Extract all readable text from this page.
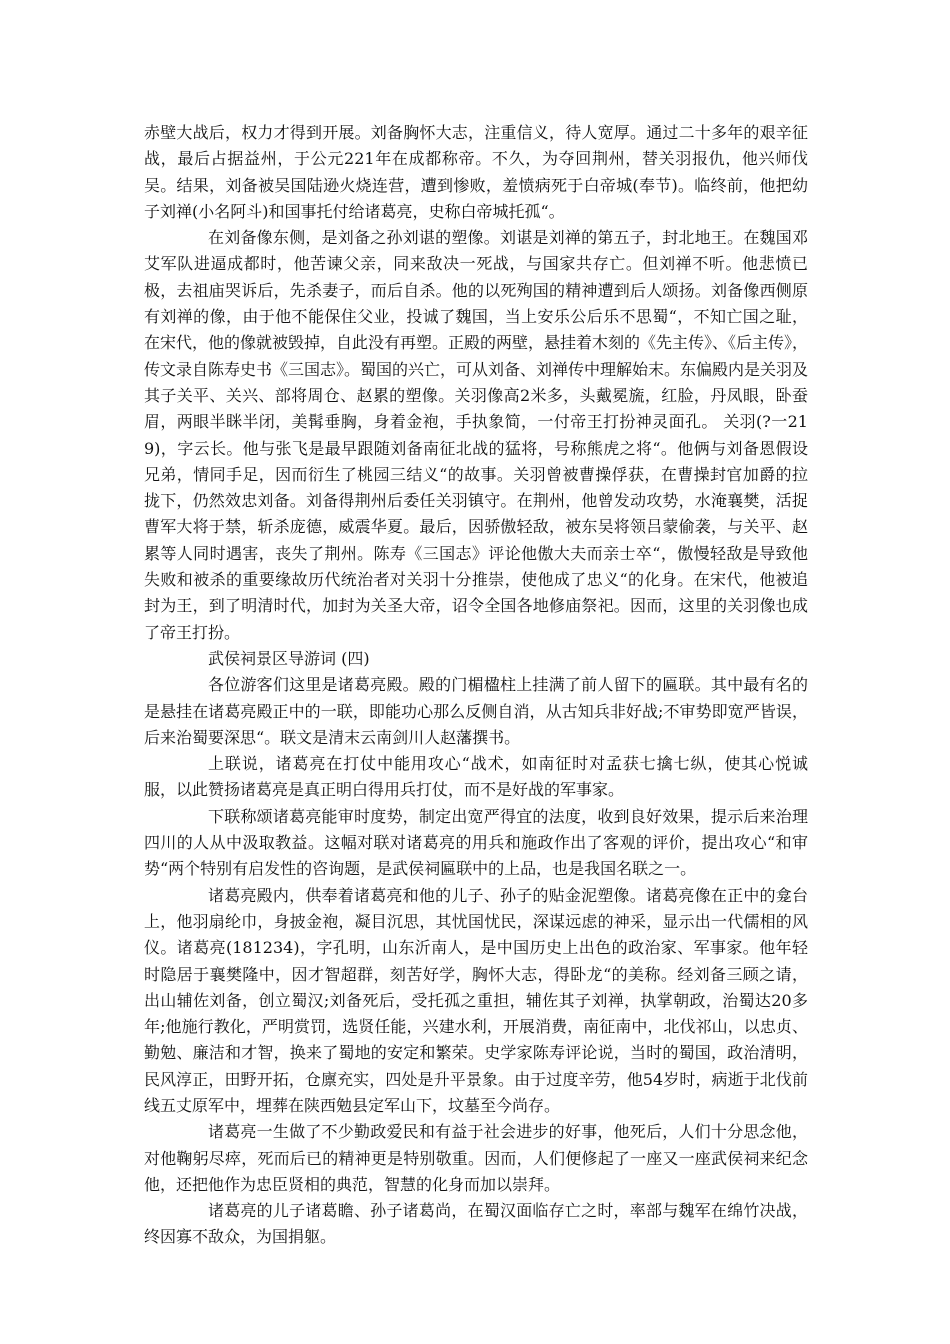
赤壁大战后，权力才得到开展。刘备胸怀大志，注重信义，待人宽厚。通过二十多年的艰辛征战，最后占据益州，于公元221年在成都称帝。不久，为夺回荆州，替关羽报仇，他兴师伐吴。结果，刘备被吴国陆逊火烧连营，遭到惨败，羞愤病死于白帝城(奉节)。临终前，他把幼子刘禅(小名阿斗)和国事托付给诸葛亮，史称白帝城托孤“。

在刘备像东侧，是刘备之孙刘谌的塑像。刘谌是刘禅的第五子，封北地王。在魏国邓艾军队进逼成都时，他苦谏父亲，同来敌决一死战，与国家共存亡。但刘禅不听。他悲愤已极，去祖庙哭诉后，先杀妻子，而后自杀。他的以死殉国的精神遭到后人颂扬。刘备像西侧原有刘禅的像，由于他不能保住父业，投诚了魏国，当上安乐公后乐不思蜀“，不知亡国之耻，在宋代，他的像就被毁掉，自此没有再塑。正殿的两壁，悬挂着木刻的《先主传》、《后主传》，传文录自陈寿史书《三国志》。蜀国的兴亡，可从刘备、刘禅传中理解始末。东偏殿内是关羽及其子关平、关兴、部将周仓、赵累的塑像。关羽像高2米多，头戴冕旒，红脸，丹凤眼，卧蚕眉，两眼半眯半闭，美髯垂胸，身着金袍，手执象简，一付帝王打扮神灵面孔。 关羽(?一219)，字云长。他与张飞是最早跟随刘备南征北战的猛将，号称熊虎之将“。他俩与刘备恩假设兄弟，情同手足，因而衍生了桃园三结义“的故事。关羽曾被曹操俘获，在曹操封官加爵的拉拢下，仍然效忠刘备。刘备得荆州后委任关羽镇守。在荆州，他曾发动攻势，水淹襄樊，活捉曹军大将于禁，斩杀庞德，威震华夏。最后，因骄傲轻敌，被东吴将领吕蒙偷袭，与关平、赵累等人同时遇害，丧失了荆州。陈寿《三国志》评论他傲大夫而亲士卒“，傲慢轻敌是导致他失败和被杀的重要缘故历代统治者对关羽十分推崇，使他成了忠义“的化身。在宋代，他被追封为王，到了明清时代，加封为关圣大帝，诏令全国各地修庙祭祀。因而，这里的关羽像也成了帝王打扮。

武侯祠景区导游词 (四)

各位游客们这里是诸葛亮殿。殿的门楣楹柱上挂满了前人留下的匾联。其中最有名的是悬挂在诸葛亮殿正中的一联，即能功心那么反侧自消，从古知兵非好战;不审势即宽严皆误，后来治蜀要深思“。联文是清末云南剑川人赵藩撰书。

上联说，诸葛亮在打仗中能用攻心“战术，如南征时对孟获七擒七纵，使其心悦诚服，以此赞扬诸葛亮是真正明白得用兵打仗，而不是好战的军事家。

下联称颂诸葛亮能审时度势，制定出宽严得宜的法度，收到良好效果，提示后来治理四川的人从中汲取教益。这幅对联对诸葛亮的用兵和施政作出了客观的评价，提出攻心“和审势“两个特别有启发性的咨询题，是武侯祠匾联中的上品，也是我国名联之一。

诸葛亮殿内，供奉着诸葛亮和他的儿子、孙子的贴金泥塑像。诸葛亮像在正中的龛台上，他羽扇纶巾，身披金袍，凝目沉思，其忧国忧民，深谋远虑的神采，显示出一代儒相的风仪。诸葛亮(181234)，字孔明，山东沂南人，是中国历史上出色的政治家、军事家。他年轻时隐居于襄樊隆中，因才智超群，刻苦好学，胸怀大志，得卧龙“的美称。经刘备三顾之请，出山辅佐刘备，创立蜀汉;刘备死后，受托孤之重担，辅佐其子刘禅，执掌朝政，治蜀达20多年;他施行教化，严明赏罚，选贤任能，兴建水利，开展消费，南征南中，北伐祁山，以忠贞、勤勉、廉洁和才智，换来了蜀地的安定和繁荣。史学家陈寿评论说，当时的蜀国，政治清明，民风淳正，田野开拓，仓廪充实，四处是升平景象。由于过度辛劳，他54岁时，病逝于北伐前线五丈原军中，埋葬在陕西勉县定军山下，坟墓至今尚存。

诸葛亮一生做了不少勤政爱民和有益于社会进步的好事，他死后，人们十分思念他，对他鞠躬尽瘁，死而后已的精神更是特别敬重。因而，人们便修起了一座又一座武侯祠来纪念他，还把他作为忠臣贤相的典范，智慧的化身而加以崇拜。

诸葛亮的儿子诸葛瞻、孙子诸葛尚，在蜀汉面临存亡之时，率部与魏军在绵竹决战，终因寡不敌众，为国捐躯。
